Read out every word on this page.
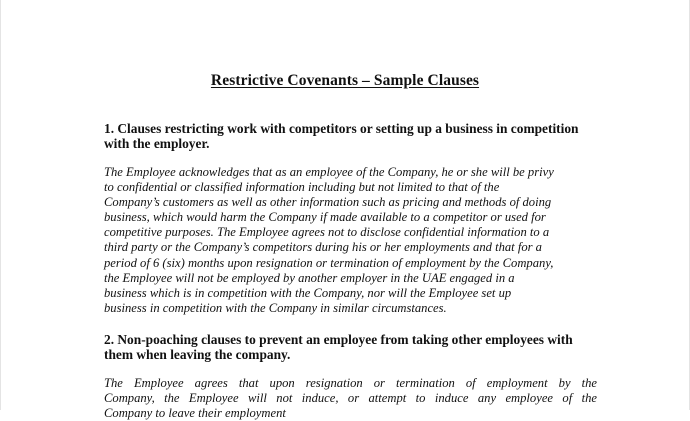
Restrictive Covenants – Sample Clauses
1. Clauses restricting work with competitors or setting up a business in competition
with the employer.
The Employee acknowledges that as an employee of the Company, he or she will be privy
to confidential or classified information including but not limited to that of the
Company’s customers as well as other information such as pricing and methods of doing
business, which would harm the Company if made available to a competitor or used for
competitive purposes. The Employee agrees not to disclose confidential information to a
third party or the Company’s competitors during his or her employments and that for a
period of 6 (six) months upon resignation or termination of employment by the Company,
the Employee will not be employed by another employer in the UAE engaged in a
business which is in competition with the Company, nor will the Employee set up
business in competition with the Company in similar circumstances.
2. Non-poaching clauses to prevent an employee from taking other employees with
them when leaving the company.
The Employee agrees that upon resignation or termination of employment by the
Company, the Employee will not induce, or attempt to induce any employee of the
Company to leave their employment
